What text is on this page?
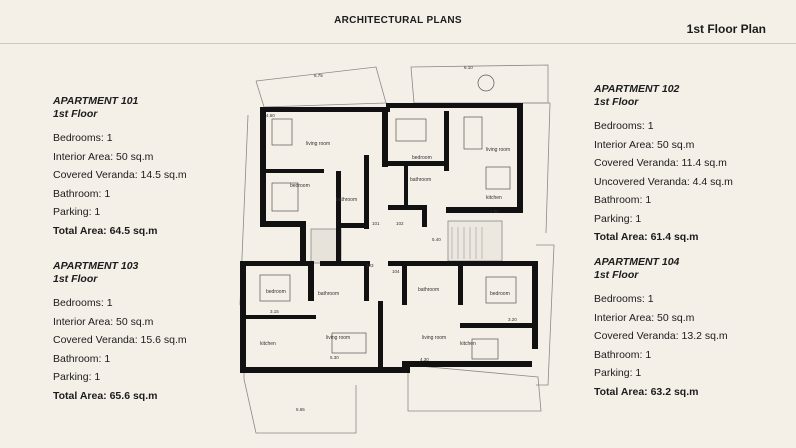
ARCHITECTURAL PLANS
1st Floor Plan
APARTMENT 101
1st Floor
Bedrooms: 1
Interior Area: 50 sq.m
Covered Veranda: 14.5 sq.m
Bathroom: 1
Parking: 1
Total Area: 64.5 sq.m
APARTMENT 102
1st Floor
Bedrooms: 1
Interior Area: 50 sq.m
Covered Veranda: 11.4 sq.m
Uncovered Veranda: 4.4 sq.m
Bathroom: 1
Parking: 1
Total Area: 61.4 sq.m
APARTMENT 103
1st Floor
Bedrooms: 1
Interior Area: 50 sq.m
Covered Veranda: 15.6 sq.m
Bathroom: 1
Parking: 1
Total Area: 65.6 sq.m
APARTMENT 104
1st Floor
Bedrooms: 1
Interior Area: 50 sq.m
Covered Veranda: 13.2 sq.m
Bathroom: 1
Parking: 1
Total Area: 63.2 sq.m
living room
bedroom
bathroom
bedroom
bathroom
living room
kitchen
bedroom	bathroom
kitchen
living room
bathroom
bedroom
living room
kitchen
101	102
103
104
6.75
6.10
4.60
5.30
5.65
4.30
3.15
3.00
3.20
5.40
